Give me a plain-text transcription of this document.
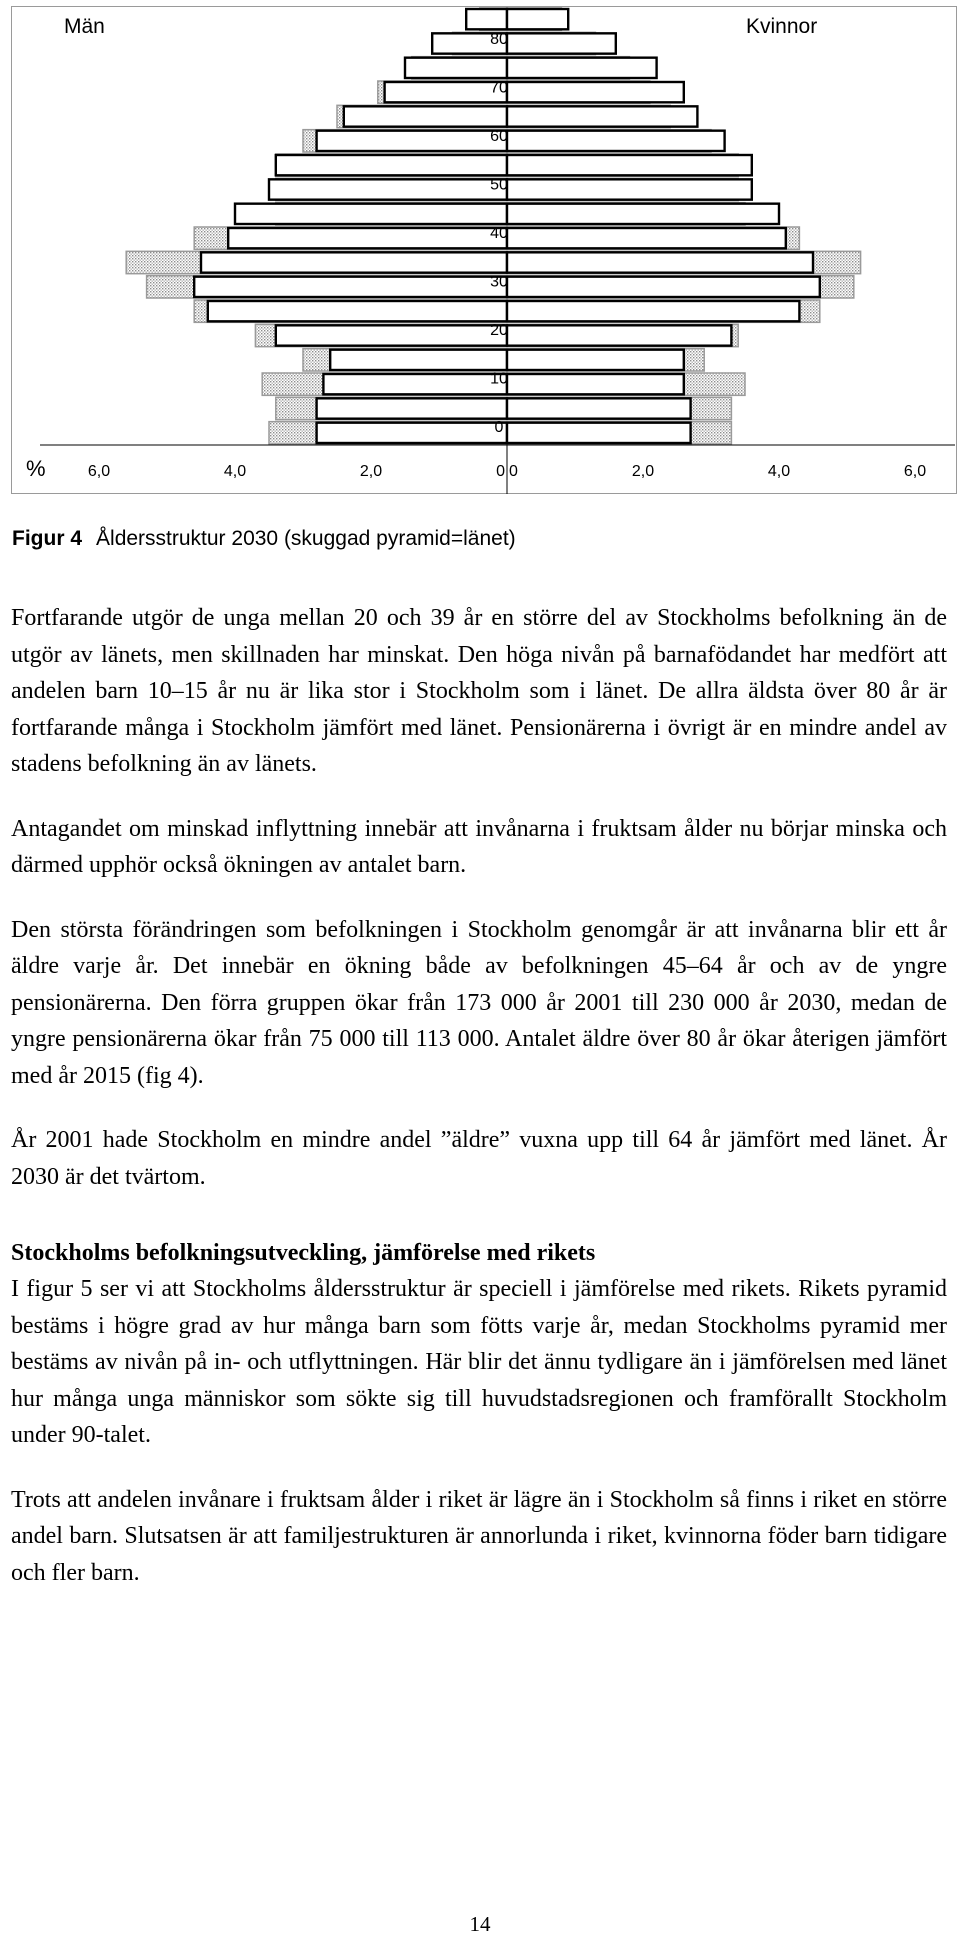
Män	Kvinnor
%
80
70
60
50
40
30
20
10
0
6,0	4,0	2,0	0 0	2,0	4,0	6,0
Figur 4 Åldersstruktur 2030 (skuggad pyramid=länet)

Fortfarande utgör de unga mellan 20 och 39 år en större del av Stockholms befolkning än de utgör av länets, men skillnaden har minskat. Den höga nivån på barnafödandet har medfört att andelen barn 10–15 år nu är lika stor i Stockholm som i länet. De allra äldsta över 80 år är fortfarande många i Stockholm jämfört med länet. Pensionärerna i övrigt är en mindre andel av stadens befolkning än av länets.

Antagandet om minskad inflyttning innebär att invånarna i fruktsam ålder nu börjar minska och därmed upphör också ökningen av antalet barn.

Den största förändringen som befolkningen i Stockholm genomgår är att invånarna blir ett år äldre varje år. Det innebär en ökning både av befolkningen 45–64 år och av de yngre pensionärerna. Den förra gruppen ökar från 173 000 år 2001 till 230 000 år 2030, medan de yngre pensionärerna ökar från 75 000 till 113 000. Antalet äldre över 80 år ökar återigen jämfört med år 2015 (fig 4).

År 2001 hade Stockholm en mindre andel ”äldre” vuxna upp till 64 år jämfört med länet. År 2030 är det tvärtom.

Stockholms befolkningsutveckling, jämförelse med rikets

I figur 5 ser vi att Stockholms åldersstruktur är speciell i jämförelse med rikets. Rikets pyramid bestäms i högre grad av hur många barn som fötts varje år, medan Stockholms pyramid mer bestäms av nivån på in- och utflyttningen. Här blir det ännu tydligare än i jämförelsen med länet hur många unga människor som sökte sig till huvudstadsregionen och framförallt Stockholm under 90-talet.

Trots att andelen invånare i fruktsam ålder i riket är lägre än i Stockholm så finns i riket en större andel barn. Slutsatsen är att familjestrukturen är annorlunda i riket, kvinnorna föder barn tidigare och fler barn.

14
